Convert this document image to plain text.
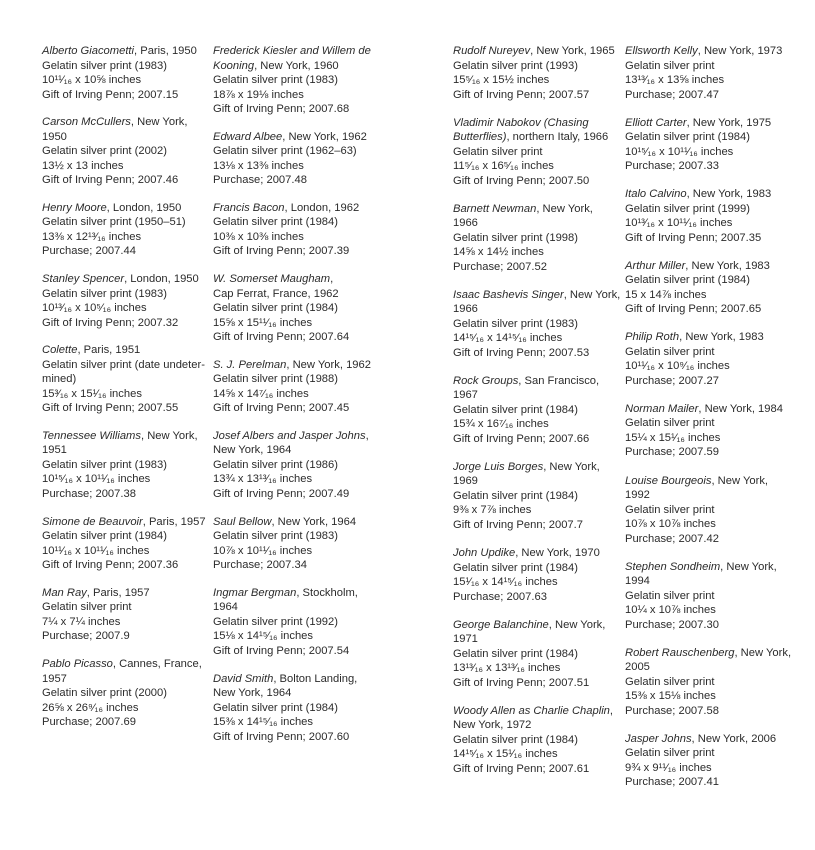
Alberto Giacometti, Paris, 1950
Gelatin silver print (1983)
10¹¹⁄₁₆ x 10⅝ inches
Gift of Irving Penn; 2007.15
Carson McCullers, New York,
1950
Gelatin silver print (2002)
13½ x 13 inches
Gift of Irving Penn; 2007.46
Henry Moore, London, 1950
Gelatin silver print (1950–51)
13⅜ x 12¹³⁄₁₆ inches
Purchase; 2007.44
Stanley Spencer, London, 1950
Gelatin silver print (1983)
10¹³⁄₁₆ x 10⁵⁄₁₆ inches
Gift of Irving Penn; 2007.32
Colette, Paris, 1951
Gelatin silver print (date undeter-
mined)
15³⁄₁₆ x 15¹⁄₁₆ inches
Gift of Irving Penn; 2007.55
Tennessee Williams, New York,
1951
Gelatin silver print (1983)
10¹⁵⁄₁₆ x 10¹¹⁄₁₆ inches
Purchase; 2007.38
Simone de Beauvoir, Paris, 1957
Gelatin silver print (1984)
10¹¹⁄₁₆ x 10¹¹⁄₁₆ inches
Gift of Irving Penn; 2007.36
Man Ray, Paris, 1957
Gelatin silver print
7¼ x 7¼ inches
Purchase; 2007.9
Pablo Picasso, Cannes, France,
1957
Gelatin silver print (2000)
26⅝ x 26⁹⁄₁₆ inches
Purchase; 2007.69
Frederick Kiesler and Willem de
Kooning, New York, 1960
Gelatin silver print (1983)
18⅞ x 19⅛ inches
Gift of Irving Penn; 2007.68
Edward Albee, New York, 1962
Gelatin silver print (1962–63)
13⅛ x 13⅜ inches
Purchase; 2007.48
Francis Bacon, London, 1962
Gelatin silver print (1984)
10⅜ x 10⅜ inches
Gift of Irving Penn; 2007.39
W. Somerset Maugham,
Cap Ferrat, France, 1962
Gelatin silver print (1984)
15⅝ x 15¹¹⁄₁₆ inches
Gift of Irving Penn; 2007.64
S. J. Perelman, New York, 1962
Gelatin silver print (1988)
14⅝ x 14⁷⁄₁₆ inches
Gift of Irving Penn; 2007.45
Josef Albers and Jasper Johns,
New York, 1964
Gelatin silver print (1986)
13¾ x 13¹³⁄₁₆ inches
Gift of Irving Penn; 2007.49
Saul Bellow, New York, 1964
Gelatin silver print (1983)
10⅞ x 10¹¹⁄₁₆ inches
Purchase; 2007.34
Ingmar Bergman, Stockholm,
1964
Gelatin silver print (1992)
15⅛ x 14¹⁵⁄₁₆ inches
Gift of Irving Penn; 2007.54
David Smith, Bolton Landing,
New York, 1964
Gelatin silver print (1984)
15⅜ x 14¹⁵⁄₁₆ inches
Gift of Irving Penn; 2007.60
Rudolf Nureyev, New York, 1965
Gelatin silver print (1993)
15⁵⁄₁₆ x 15½ inches
Gift of Irving Penn; 2007.57
Vladimir Nabokov (Chasing
Butterflies), northern Italy, 1966
Gelatin silver print
11⁵⁄₁₆ x 16⁵⁄₁₆ inches
Gift of Irving Penn; 2007.50
Barnett Newman, New York,
1966
Gelatin silver print (1998)
14⅝ x 14½ inches
Purchase; 2007.52
Isaac Bashevis Singer, New York,
1966
Gelatin silver print (1983)
14¹⁵⁄₁₆ x 14¹⁵⁄₁₆ inches
Gift of Irving Penn; 2007.53
Rock Groups, San Francisco,
1967
Gelatin silver print (1984)
15¾ x 16⁷⁄₁₆ inches
Gift of Irving Penn; 2007.66
Jorge Luis Borges, New York,
1969
Gelatin silver print (1984)
9⅜ x 7⅞ inches
Gift of Irving Penn; 2007.7
John Updike, New York, 1970
Gelatin silver print (1984)
15¹⁄₁₆ x 14¹⁵⁄₁₆ inches
Purchase; 2007.63
George Balanchine, New York,
1971
Gelatin silver print (1984)
13¹³⁄₁₆ x 13¹³⁄₁₆ inches
Gift of Irving Penn; 2007.51
Woody Allen as Charlie Chaplin,
New York, 1972
Gelatin silver print (1984)
14¹⁵⁄₁₆ x 15¹⁄₁₆ inches
Gift of Irving Penn; 2007.61
Ellsworth Kelly, New York, 1973
Gelatin silver print
13¹³⁄₁₆ x 13⅝ inches
Purchase; 2007.47
Elliott Carter, New York, 1975
Gelatin silver print (1984)
10¹⁵⁄₁₆ x 10¹¹⁄₁₆ inches
Purchase; 2007.33
Italo Calvino, New York, 1983
Gelatin silver print (1999)
10¹³⁄₁₆ x 10¹¹⁄₁₆ inches
Gift of Irving Penn; 2007.35
Arthur Miller, New York, 1983
Gelatin silver print (1984)
15 x 14⅞ inches
Gift of Irving Penn; 2007.65
Philip Roth, New York, 1983
Gelatin silver print
10¹¹⁄₁₆ x 10⁹⁄₁₆ inches
Purchase; 2007.27
Norman Mailer, New York, 1984
Gelatin silver print
15¼ x 15¹⁄₁₆ inches
Purchase; 2007.59
Louise Bourgeois, New York,
1992
Gelatin silver print
10⅞ x 10⅞ inches
Purchase; 2007.42
Stephen Sondheim, New York,
1994
Gelatin silver print
10¼ x 10⅞ inches
Purchase; 2007.30
Robert Rauschenberg, New York,
2005
Gelatin silver print
15⅜ x 15⅛ inches
Purchase; 2007.58
Jasper Johns, New York, 2006
Gelatin silver print
9¾ x 9¹¹⁄₁₆ inches
Purchase; 2007.41
